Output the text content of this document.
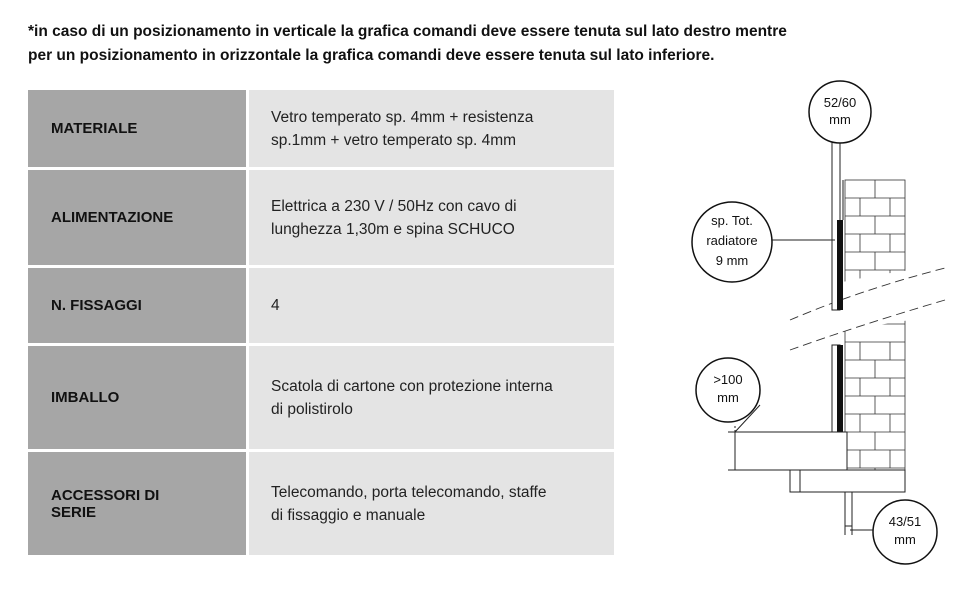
*in caso di un posizionamento in verticale la grafica comandi deve essere tenuta sul lato destro mentre
per un posizionamento in orizzontale la grafica comandi deve essere tenuta sul lato inferiore.
MATERIALE	Vetro temperato sp. 4mm + resistenza
sp.1mm + vetro temperato sp. 4mm

ALIMENTAZIONE	Elettrica a 230 V / 50Hz con cavo di
lunghezza 1,30m e spina SCHUCO

N. FISSAGGI	4

IMBALLO	Scatola di cartone con protezione interna
di polistirolo

ACCESSORI DI
SERIE	Telecomando, porta telecomando, staffe
di fissaggio e manuale
52/60
mm
sp. Tot.
radiatore
9 mm
>100
mm
43/51
mm
